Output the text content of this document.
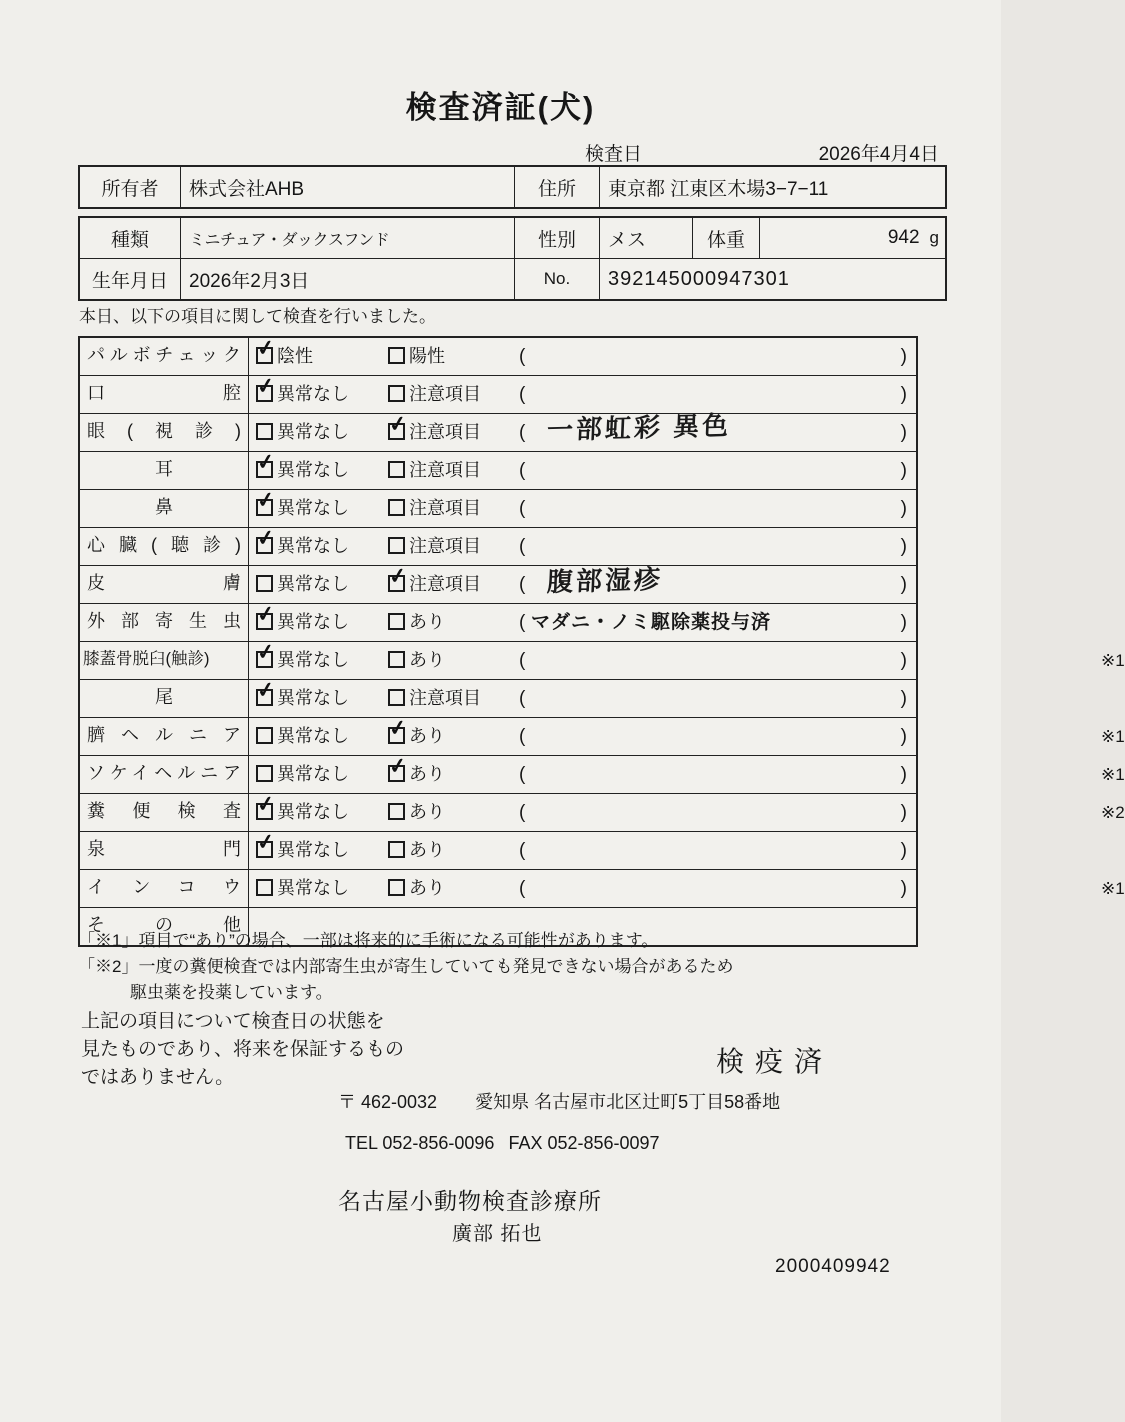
検査済証(犬)
検査日	2026年4月4日
所有者	株式会社AHB	住所	東京都 江東区木場3−7−11
種類	ミニチュア・ダックスフンド	性別	メス	体重	942 g
生年月日	2026年2月3日	No.	392145000947301

本日、以下の項目に関して検査を行いました。

パルボチェック ✓ 陰性	陽性	(	)
口腔 ✓ 異常なし	注意項目 (	)
眼(視診)	異常なし ✓ 注意項目 ( 一部虹彩 異色	)
耳	✓ 異常なし	注意項目 (	)
鼻	✓ 異常なし	注意項目 (	)
心臓(聴診) ✓ 異常なし	注意項目 (	)
皮膚	異常なし ✓ 注意項目 ( 腹部湿疹	)
外部寄生虫 ✓ 異常なし	あり	( マダニ・ノミ駆除薬投与済	)
膝蓋骨脱臼(触診)	✓ 異常なし	あり	(	)	※1
尾	✓ 異常なし	注意項目 (	)
臍ヘルニア	異常なし ✓ あり	(	)	※1
ソケイヘルニア	異常なし ✓ あり	(	)	※1
糞便検査 ✓ 異常なし	あり	(	)	※2
泉門 ✓ 異常なし	あり	(	)
インコウ	異常なし	あり	(	)	※1
その他
「※1」項目で“あり”の場合、一部は将来的に手術になる可能性があります。
「※2」一度の糞便検査では内部寄生虫が寄生していても発見できない場合があるため
駆虫薬を投薬しています。
上記の項目について検査日の状態を
見たものであり、将来を保証するもの
ではありません。
検疫済
〒 462-0032 愛知県 名古屋市北区辻町5丁目58番地
TEL 052-856-0096 FAX 052-856-0097
名古屋小動物検査診療所
廣部 拓也
2000409942
